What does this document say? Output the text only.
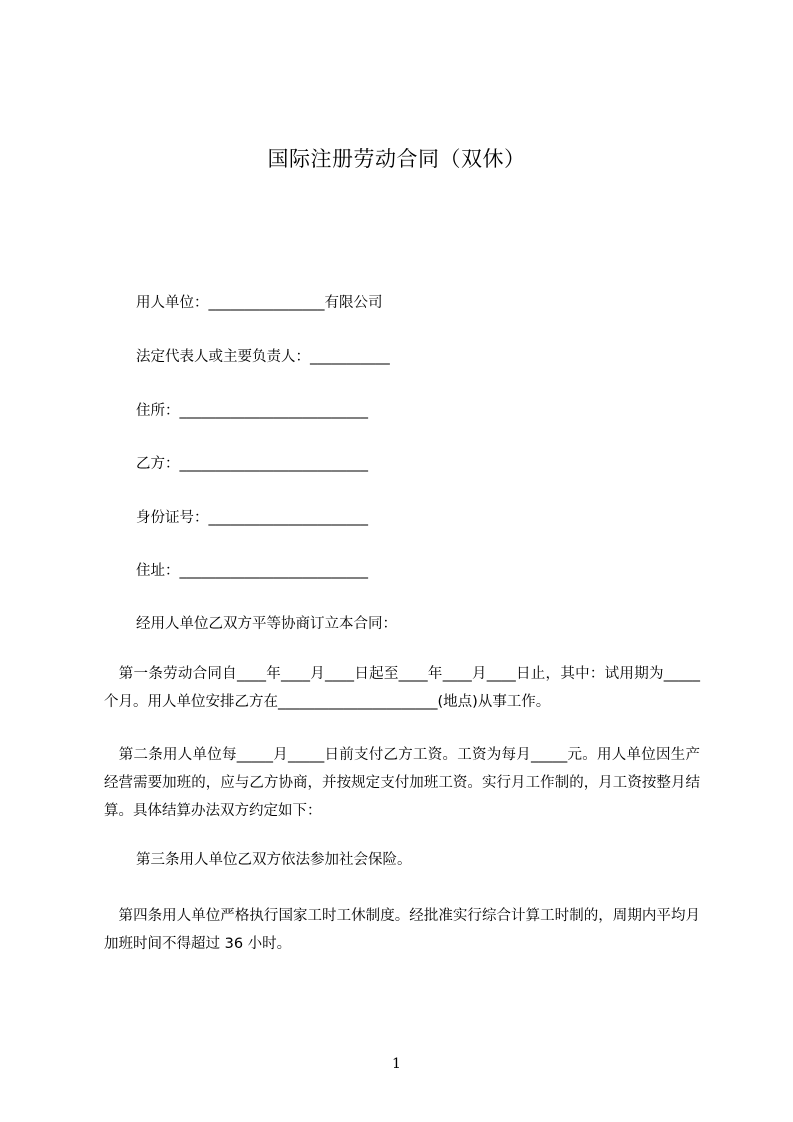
国际注册劳动合同（双休）
用人单位：________________有限公司
法定代表人或主要负责人：___________
住所：__________________________
乙方：__________________________
身份证号：______________________
住址：__________________________
经用人单位乙双方平等协商订立本合同：
　第一条劳动合同自____年____月____日起至____年____月____日止，其中：试用期为_____个月。用人单位安排乙方在______________________(地点)从事工作。
　第二条用人单位每_____月_____日前支付乙方工资。工资为每月_____元。用人单位因生产经营需要加班的，应与乙方协商，并按规定支付加班工资。实行月工作制的，月工资按整月结算。具体结算办法双方约定如下：
第三条用人单位乙双方依法参加社会保险。
　第四条用人单位严格执行国家工时工休制度。经批准实行综合计算工时制的，周期内平均月加班时间不得超过 36 小时。
1
